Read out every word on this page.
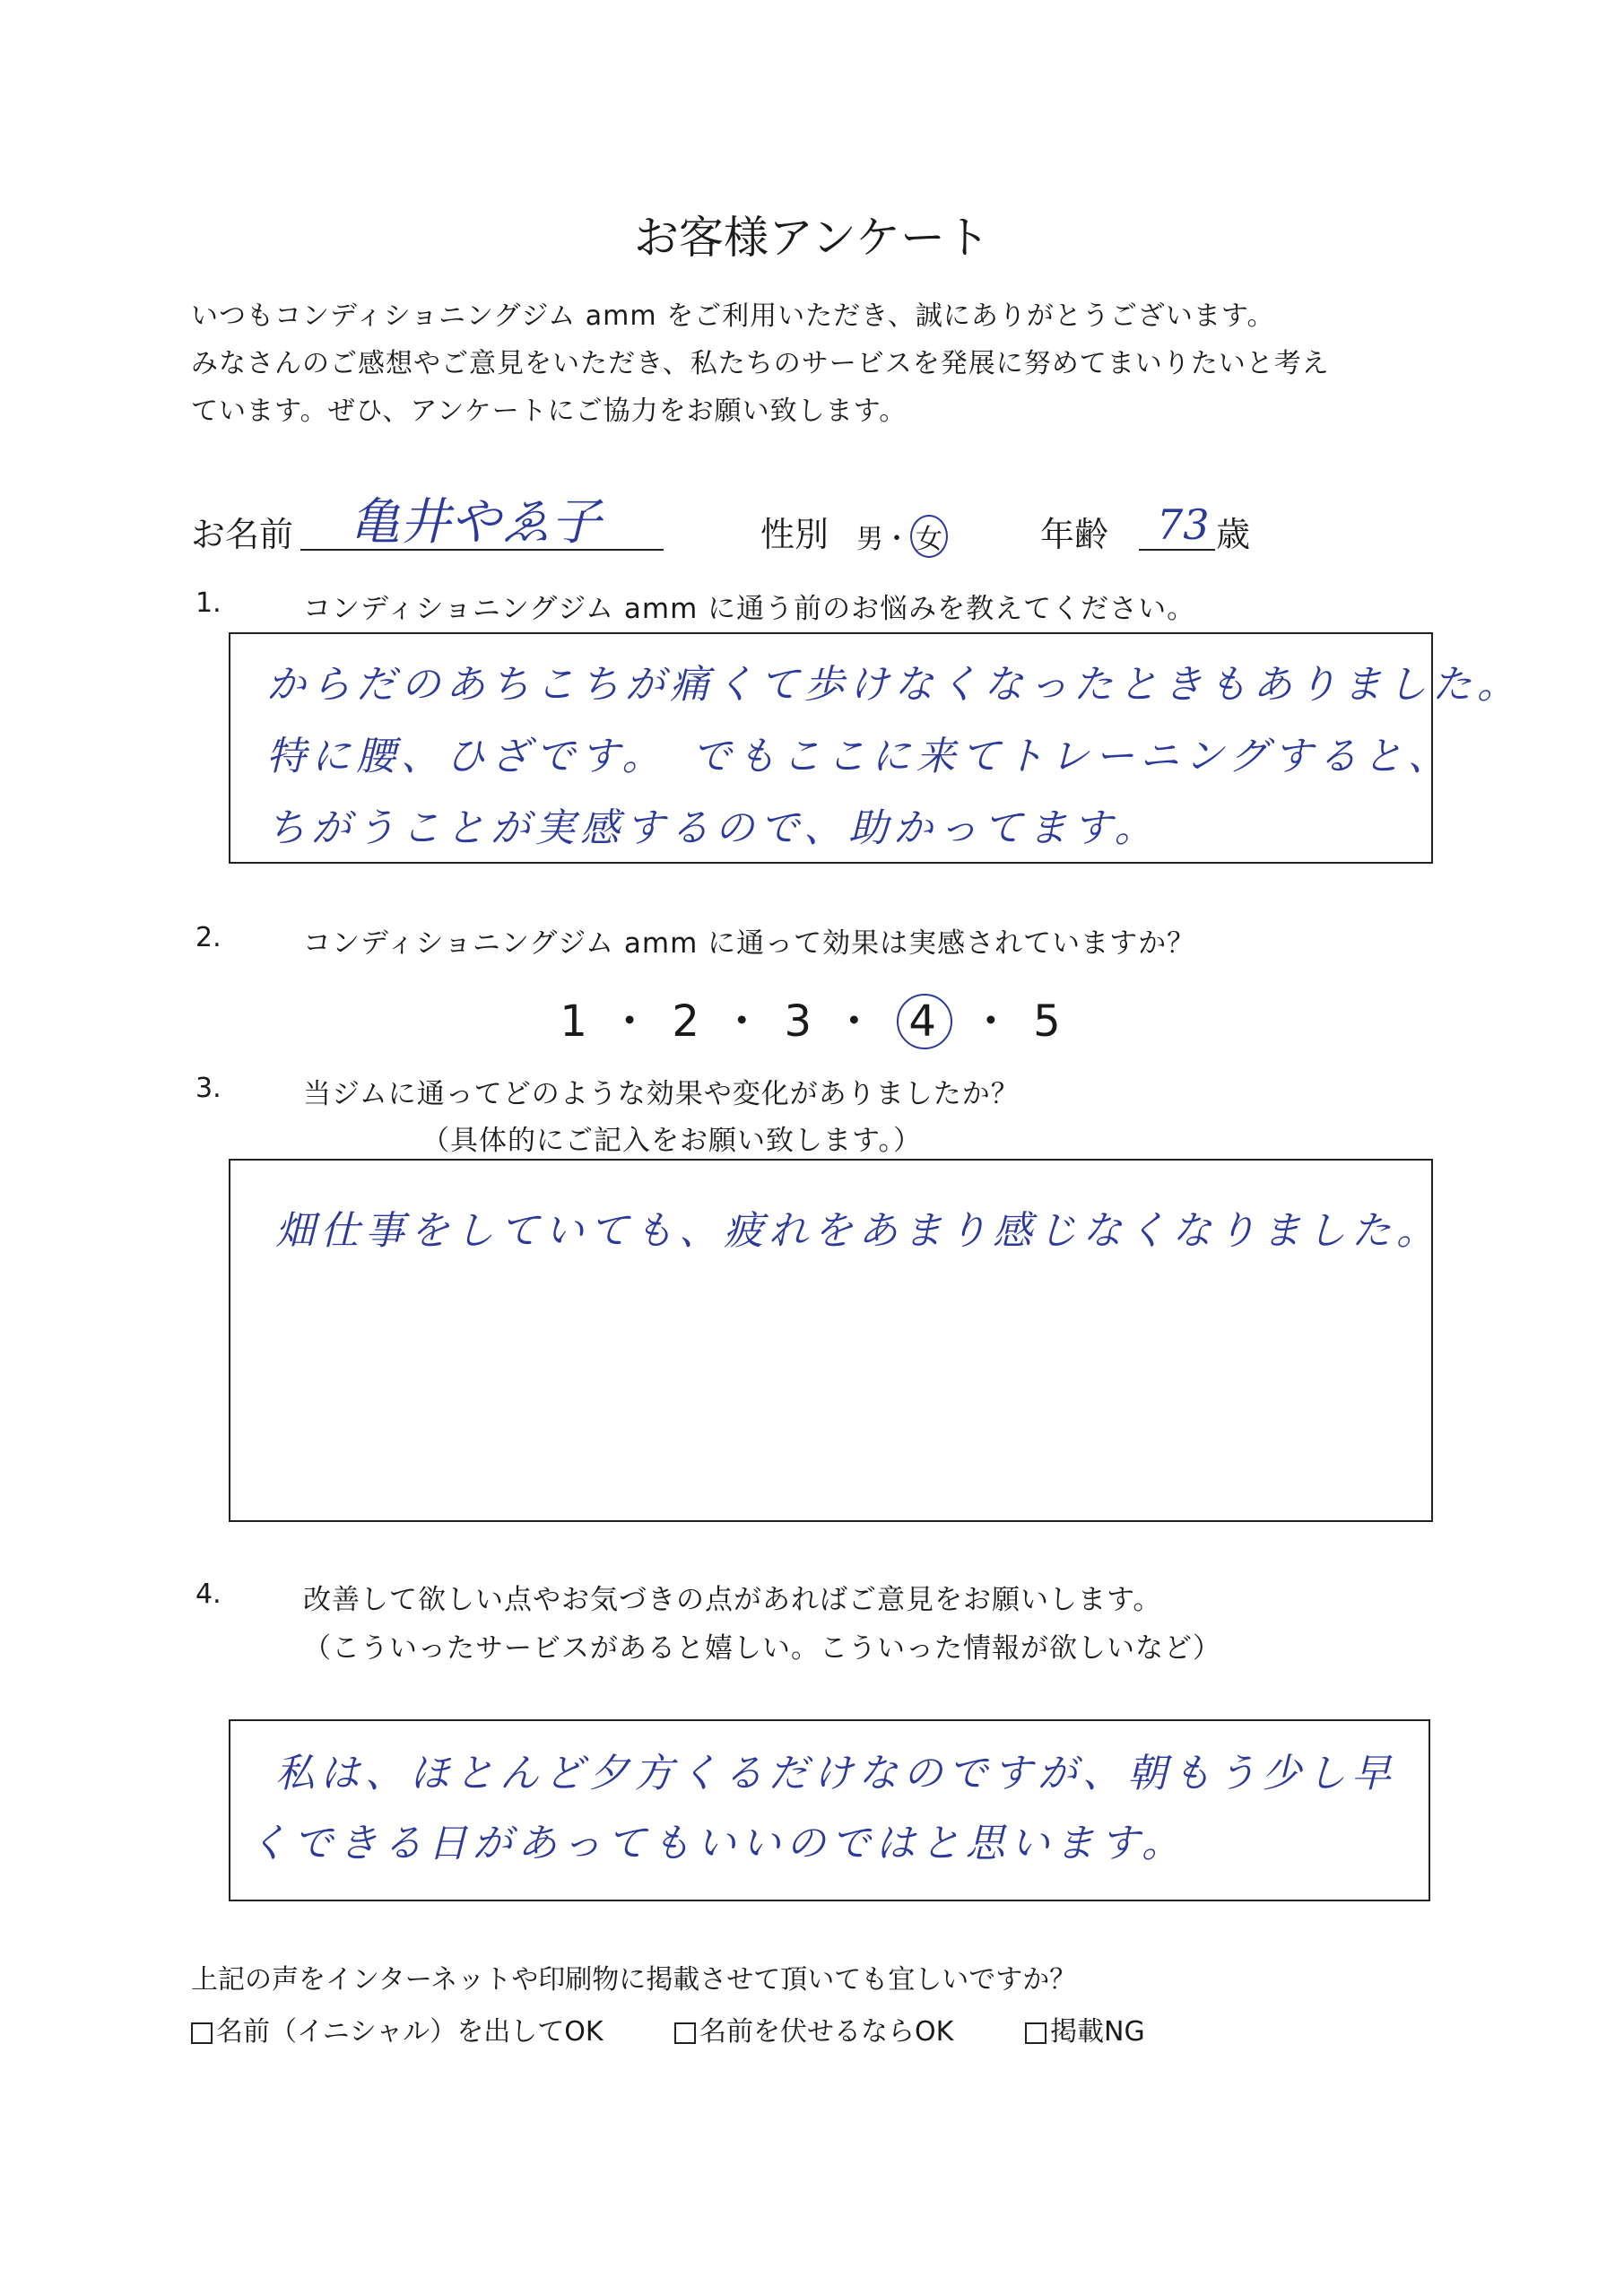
お客様アンケート
いつもコンディショニングジム amm をご利用いただき、誠にありがとうございます。
みなさんのご感想やご意見をいただき、私たちのサービスを発展に努めてまいりたいと考え
ています。ぜひ、アンケートにご協力をお願い致します。
お名前 亀井やゑ子	性別 男・ 女	年齢 73 歳
1.	コンディショニングジム amm に通う前のお悩みを教えてください。
からだのあちこちが痛くて歩けなくなったときもありました。
特に腰、ひざです。　でもここに来てトレーニングすると、
ちがうことが実感するので、助かってます。
2.	コンディショニングジム amm に通って効果は実感されていますか？
1 ・ 2 ・ 3 ・ 4 ・ 5
3.	当ジムに通ってどのような効果や変化がありましたか？
（具体的にご記入をお願い致します。）
畑仕事をしていても、疲れをあまり感じなくなりました。
4.	改善して欲しい点やお気づきの点があればご意見をお願いします。
（こういったサービスがあると嬉しい。こういった情報が欲しいなど）
私は、ほとんど夕方くるだけなのですが、朝もう少し早
くできる日があってもいいのではと思います。
上記の声をインターネットや印刷物に掲載させて頂いても宜しいですか？
名前（イニシャル）を出してOK	名前を伏せるならOK	掲載NG
